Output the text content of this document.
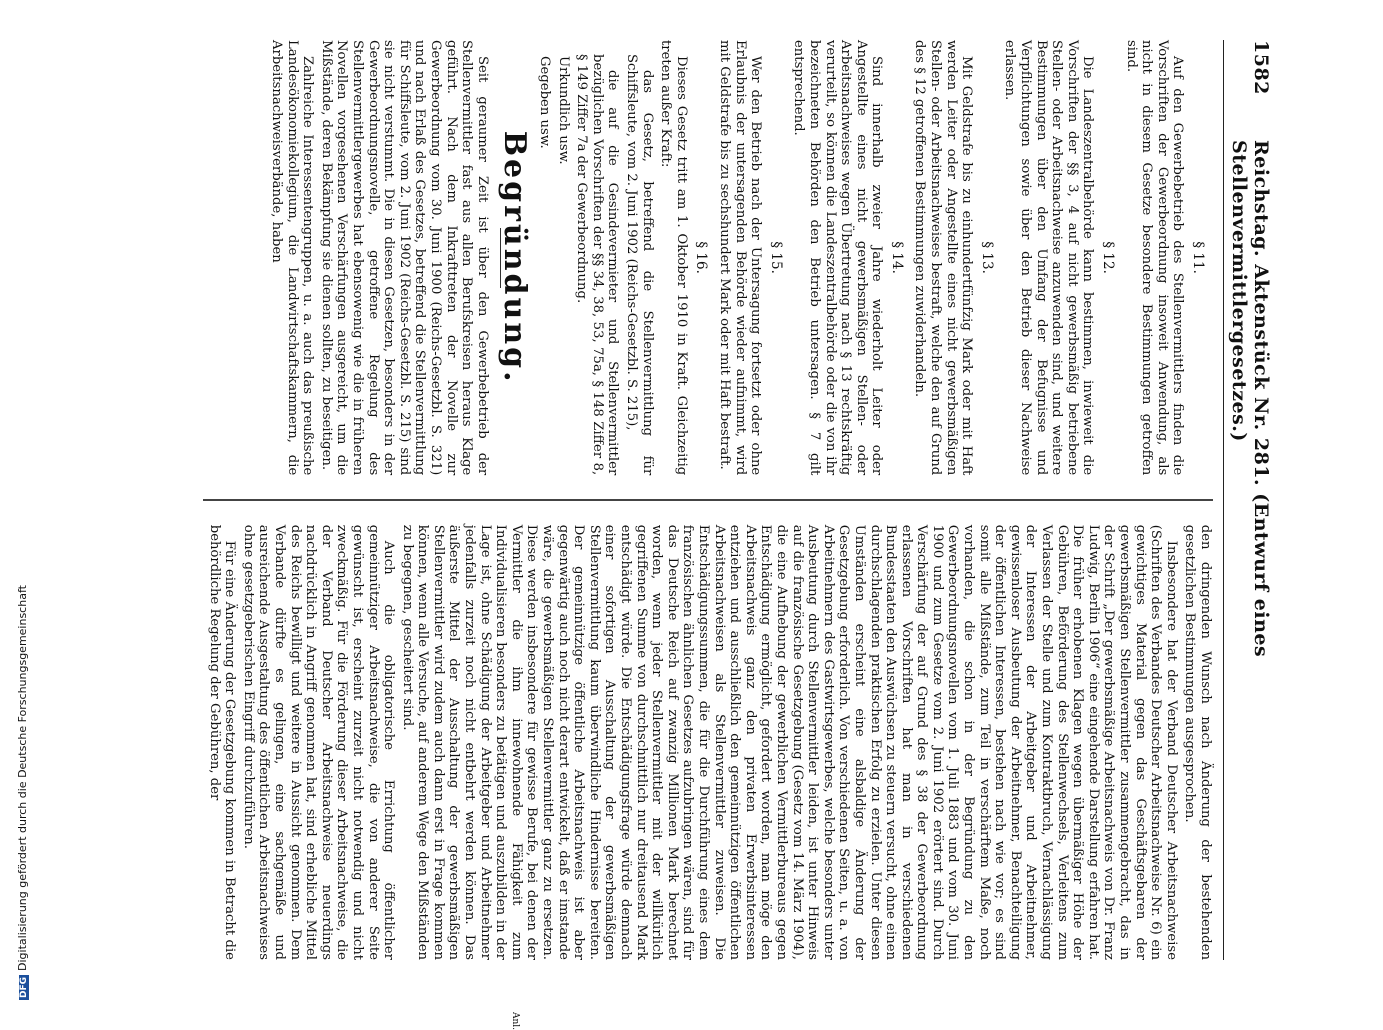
1582
Reichstag. Aktenstück Nr. 281. (Entwurf eines Stellenvermittlergesetzes.)
§ 11.

Auf den Gewerbebetrieb des Stellenvermittlers finden die Vorschriften der Gewerbeordnung insoweit Anwendung, als nicht in diesem Gesetze besondere Bestimmungen getroffen sind.

§ 12.

Die Landeszentralbehörde kann bestimmen, inwieweit die Vorschriften der §§ 3, 4 auf nicht gewerbsmäßig betriebene Stellen- oder Arbeitsnachweise anzuwenden sind, und weitere Bestimmungen über den Umfang der Befugnisse und Verpflichtungen sowie über den Betrieb dieser Nachweise erlassen.

§ 13.

Mit Geldstrafe bis zu einhundertfünfzig Mark oder mit Haft werden Leiter oder Angestellte eines nicht gewerbsmäßigen Stellen- oder Arbeitsnachweises bestraft, welche den auf Grund des § 12 getroffenen Bestimmungen zuwiderhandeln.

§ 14.

Sind innerhalb zweier Jahre wiederholt Leiter oder Angestellte eines nicht gewerbsmäßigen Stellen- oder Arbeitsnachweises wegen Übertretung nach § 13 rechtskräftig verurteilt, so können die Landeszentralbehörde oder die von ihr bezeichneten Behörden den Betrieb untersagen. § 7 gilt entsprechend.

§ 15.

Wer den Betrieb nach der Untersagung fortsetzt oder ohne Erlaubnis der untersagenden Behörde wieder aufnimmt, wird mit Geldstrafe bis zu sechshundert Mark oder mit Haft bestraft.

§ 16.

Dieses Gesetz tritt am 1. Oktober 1910 in Kraft. Gleichzeitig treten außer Kraft:

das Gesetz, betreffend die Stellenvermittlung für Schiffsleute, vom 2. Juni 1902 (Reichs-Gesetzbl. S. 215),

die auf die Gesindevermieter und Stellenvermittler bezüglichen Vorschriften der §§ 34, 38, 53, 75a, § 148 Ziffer 8, § 149 Ziffer 7a der Gewerbeordnung.

Urkundlich usw.

Gegeben usw.

Begründung.

Seit geraumer Zeit ist über den Gewerbebetrieb der Stellenvermittler fast aus allen Berufskreisen heraus Klage geführt. Nach dem Inkrafttreten der Novelle zur Gewerbeordnung vom 30. Juni 1900 (Reichs-Gesetzbl. S. 321) und nach Erlaß des Gesetzes, betreffend die Stellenvermittlung für Schiffsleute, vom 2. Juni 1902 (Reichs-Gesetzbl. S. 215) sind sie nicht verstummt. Die in diesen Gesetzen, besonders in der Gewerbeordnungsnovelle, getroffene Regelung des Stellenvermittlergewerbes hat ebensowenig wie die in früheren Novellen vorgesehenen Verschärfungen ausgereicht, um die Mißstände, deren Bekämpfung sie dienen sollten, zu beseitigen.

Zahlreiche Interessentengruppen, u. a. auch das preußische Landesökonomiekollegium, die Landwirtschaftskammern, die Arbeitsnachweisverbände, haben

den dringenden Wunsch nach Änderung der bestehenden gesetzlichen Bestimmungen ausgesprochen.

Insbesondere hat der Verband Deutscher Arbeitsnachweise (Schriften des Verbandes Deutscher Arbeitsnachweise Nr. 6) ein gewichtiges Material gegen das Geschäftsgebaren der gewerbsmäßigen Stellenvermittler zusammengebracht, das in der Schrift „Der gewerbsmäßige Arbeitsnachweis von Dr. Franz Ludwig, Berlin 1906“ eine eingehende Darstellung erfahren hat. Die früher erhobenen Klagen wegen übermäßiger Höhe der Gebühren, Beförderung des Stellenwechsels, Verleitens zum Verlassen der Stelle und zum Kontraktbruch, Vernachlässigung der Interessen der Arbeitgeber und Arbeitnehmer, gewissenloser Ausbeutung der Arbeitnehmer, Benachteiligung der öffentlichen Interessen, bestehen nach wie vor; es sind somit alle Mißstände, zum Teil in verschärftem Maße, noch vorhanden, die schon in der Begründung zu den Gewerbeordnungsnovellen vom 1. Juli 1883 und vom 30. Juni 1900 und zum Gesetze vom 2. Juni 1902 erörtert sind. Durch Verschärfung der auf Grund des § 38 der Gewerbeordnung erlassenen Vorschriften hat man in verschiedenen Bundesstaaten den Auswüchsen zu steuern versucht, ohne einen durchschlagenden praktischen Erfolg zu erzielen. Unter diesen Umständen erscheint eine alsbaldige Änderung der Gesetzgebung erforderlich. Von verschiedenen Seiten, u. a. von Arbeitnehmern des Gastwirtsgewerbes, welche besonders unter Ausbeutung durch Stellenvermittler leiden, ist unter Hinweis auf die französische Gesetzgebung (Gesetz vom 14. März 1904), die eine Aufhebung der gewerblichen Vermittlerbureaus gegen Entschädigung ermöglicht, gefordert worden, man möge den Arbeitsnachweis ganz den privaten Erwerbsinteressen entziehen und ausschließlich den gemeinnützigen öffentlichen Arbeitsnachweisen als Stellenvermittler zuweisen. Die Entschädigungssummen, die für die Durchführung eines dem französischen ähnlichen Gesetzes aufzubringen wären, sind für das Deutsche Reich auf zwanzig Millionen Mark berechnet worden, wenn jeder Stellenvermittler mit der willkürlich gegriffenen Summe von durchschnittlich nur dreitausend Mark entschädigt würde. Die Entschädigungsfrage würde demnach einer sofortigen Ausschaltung der gewerbsmäßigen Stellenvermittlung kaum überwindliche Hindernisse bereiten. Der gemeinnützige öffentliche Arbeitsnachweis ist aber gegenwärtig auch noch nicht derart entwickelt, daß er imstande wäre, die gewerbsmäßigen Stellenvermittler ganz zu ersetzen. Diese werden insbesondere für gewisse Berufe, bei denen der Vermittler die ihm innewohnende Fähigkeit zum Individualisieren besonders zu betätigen und auszubilden in der Lage ist, ohne Schädigung der Arbeitgeber und Arbeitnehmer jedenfalls zurzeit noch nicht entbehrt werden können. Das äußerste Mittel der Ausschaltung der gewerbsmäßigen Stellenvermittler wird zudem auch dann erst in Frage kommen können, wenn alle Versuche, auf anderem Wege den Mißständen zu begegnen, gescheitert sind.

Auch die obligatorische Errichtung öffentlicher gemeinnütziger Arbeitsnachweise, die von anderer Seite gewünscht ist, erscheint zurzeit nicht notwendig und nicht zweckmäßig. Für die Förderung dieser Arbeitsnachweise, die der Verband Deutscher Arbeitsnachweise neuerdings nachdrücklich in Angriff genommen hat, sind erhebliche Mittel des Reichs bewilligt und weitere in Aussicht genommen. Dem Verbande dürfte es gelingen, eine sachgemäße und ausreichende Ausgestaltung des öffentlichen Arbeitsnachweises ohne gesetzgeberischen Eingriff durchzuführen.

Für eine Änderung der Gesetzgebung kommen in Betracht die behördliche Regelung der Gebühren, der

Anl.
DFGDigitalisierung gefördert durch die Deutsche Forschungsgemeinschaft
